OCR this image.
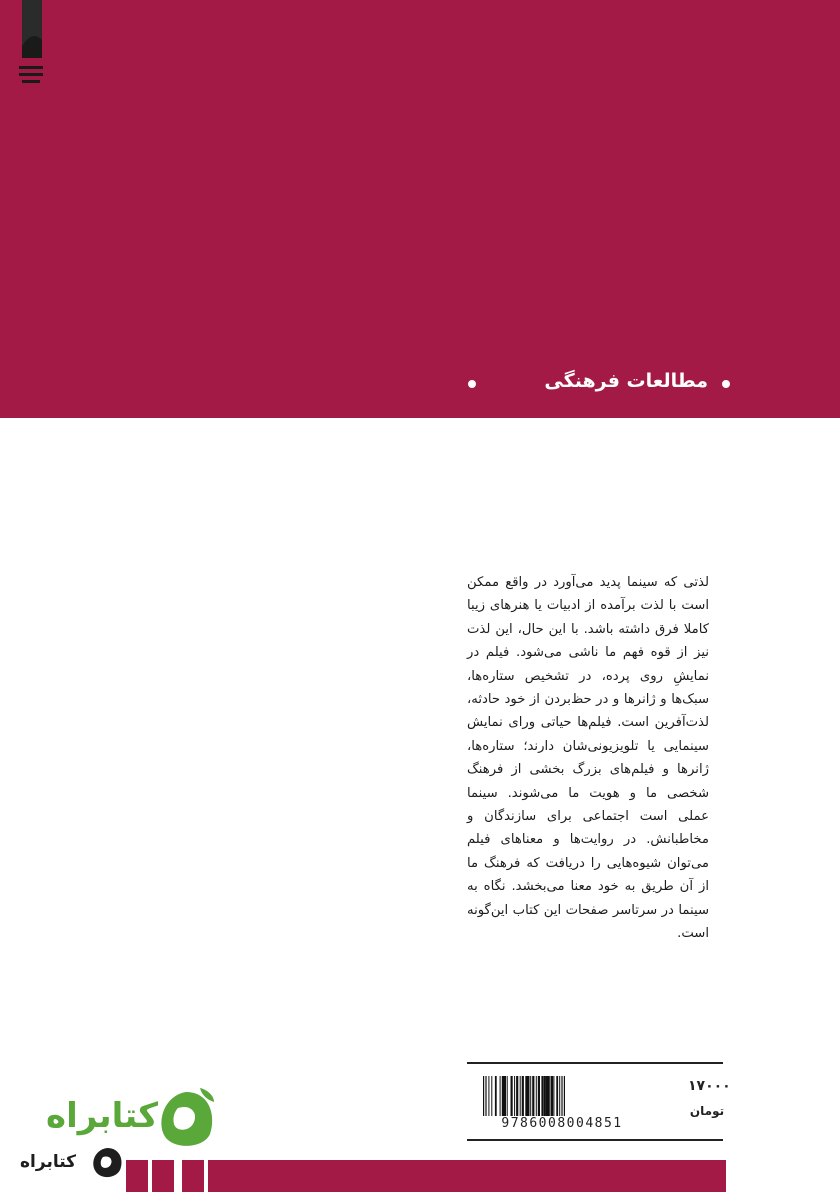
مطالعات فرهنگی
لذتی که سینما پدید می‌آورد در واقع ممکن است با لذت برآمده از ادبیات یا هنرهای زیبا کاملا فرق داشته باشد. با این حال، این لذت نیز از قوه فهم ما ناشی می‌شود. فیلم در نمایشِ روی پرده، در تشخیص ستاره‌ها، سبک‌ها و ژانرها و در حظ‌بردن از خود حادثه، لذت‌آفرین است. فیلم‌ها حیاتی ورای نمایش سینمایی یا تلویزیونی‌شان دارند؛ ستاره‌ها، ژانرها و فیلم‌های بزرگ بخشی از فرهنگ شخصی ما و هویت ما می‌شوند. سینما عملی است اجتماعی برای سازندگان و مخاطبانش. در روایت‌ها و معناهای فیلم می‌توان شیوه‌هایی را دریافت که فرهنگ ما از آن طریق به خود معنا می‌بخشد. نگاه به سینما در سرتاسر صفحات این کتاب این‌گونه است.
9786008004851
۱۷۰۰۰
تومان
کتابراه
کتابراه
